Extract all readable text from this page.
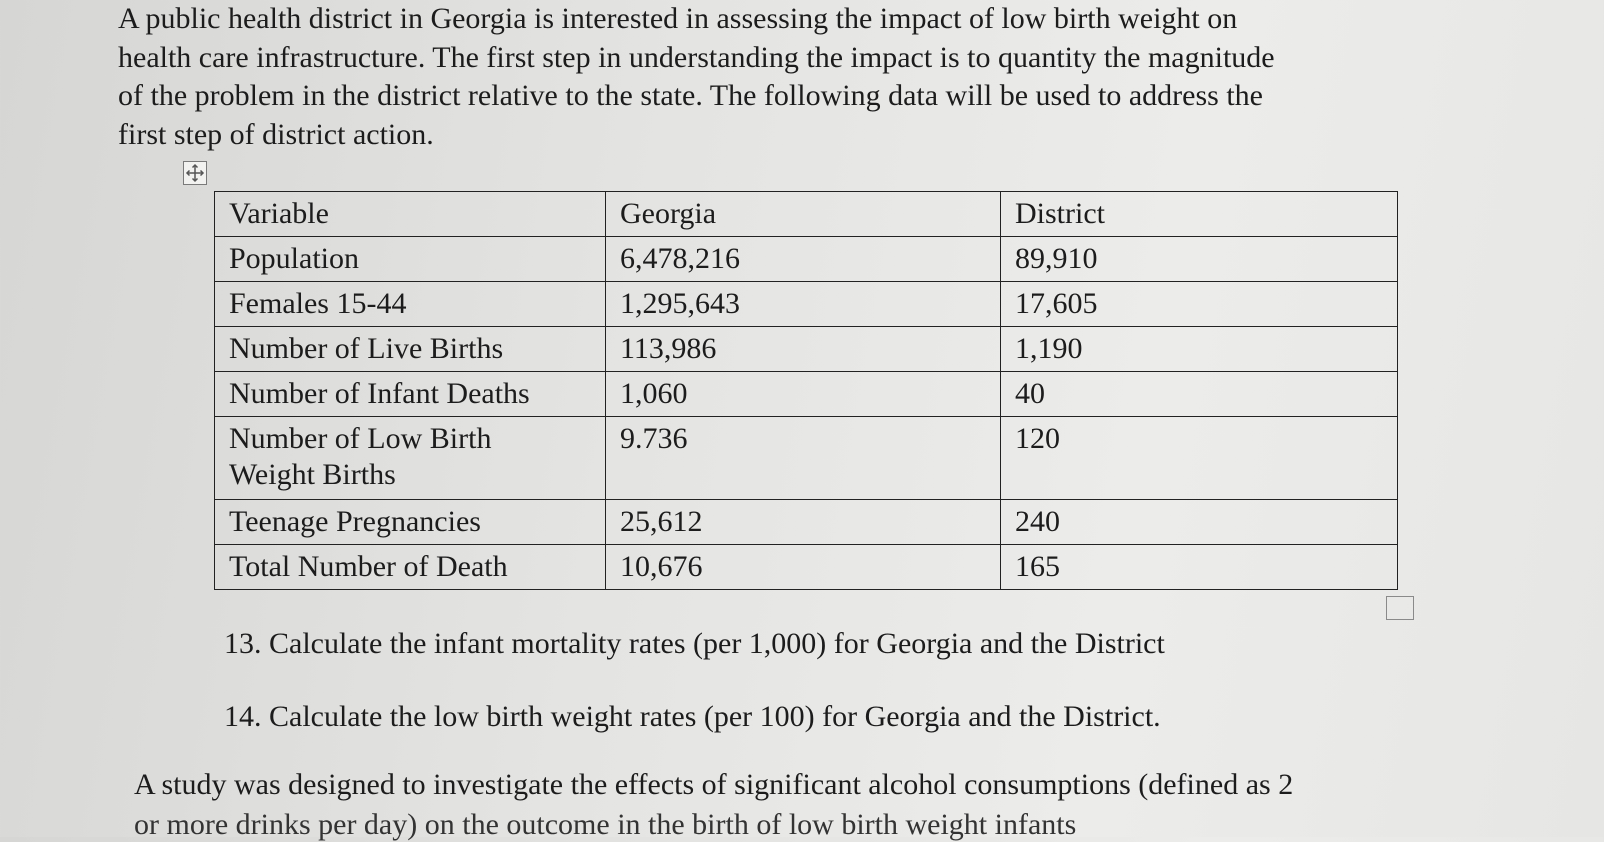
A public health district in Georgia is interested in assessing the impact of low birth weight on
health care infrastructure. The first step in understanding the impact is to quantity the magnitude
of the problem in the district relative to the state. The following data will be used to address the
first step of district action.
Variable	Georgia	District
Population	6,478,216	89,910
Females 15-44	1,295,643	17,605
Number of Live Births	113,986	1,190
Number of Infant Deaths	1,060	40

Number of Low Birth
Weight Births	9.736	120
Teenage Pregnancies	25,612	240
Total Number of Death	10,676	165

13. Calculate the infant mortality rates (per 1,000) for Georgia and the District

14. Calculate the low birth weight rates (per 100) for Georgia and the District.

A study was designed to investigate the effects of significant alcohol consumptions (defined as 2

or more drinks per day) on the outcome in the birth of low birth weight infants
